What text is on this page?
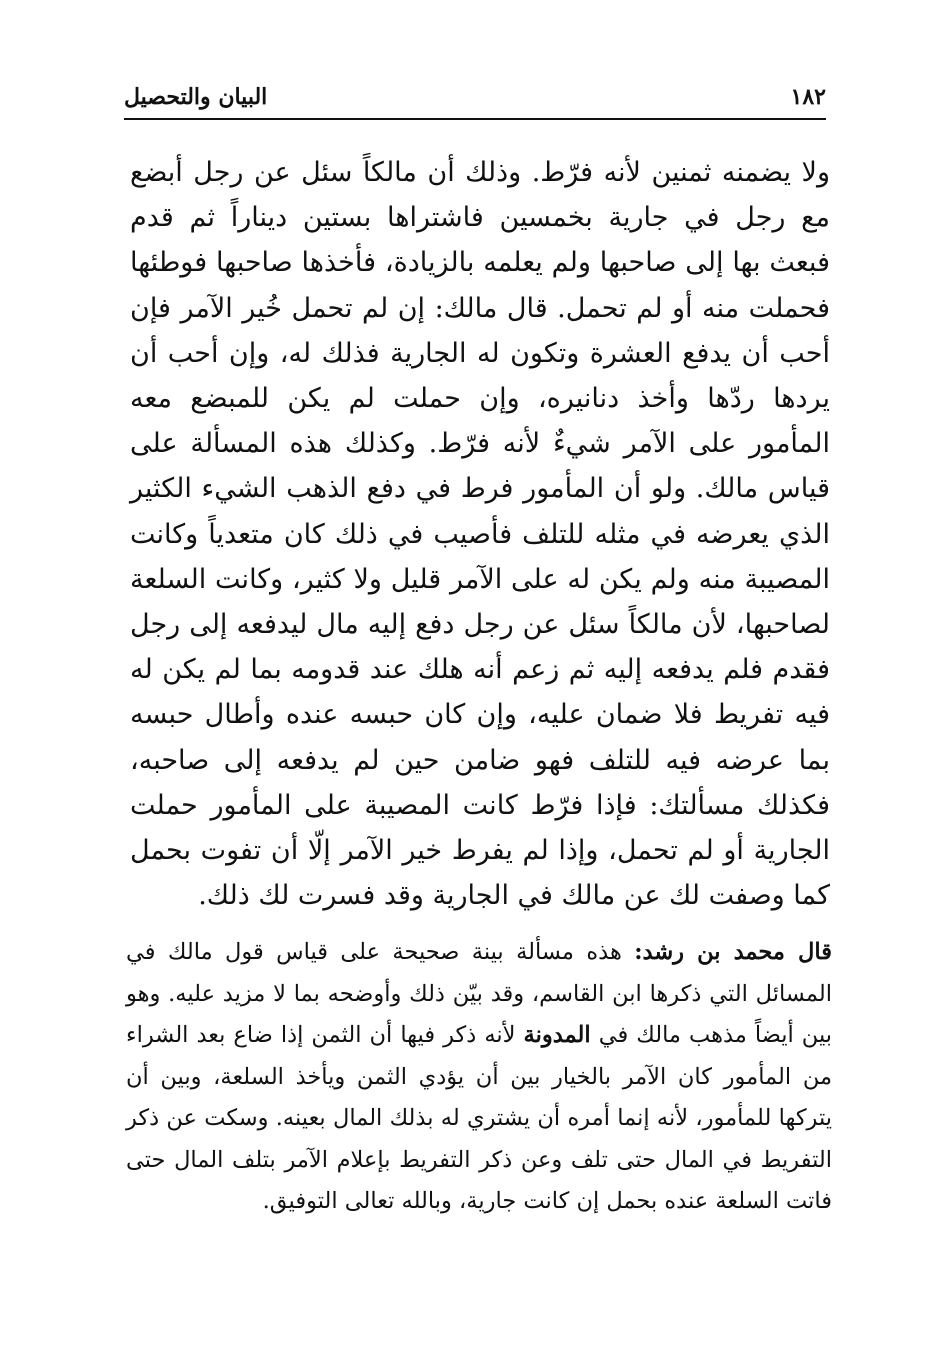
١٨٢
البيان والتحصيل

ولا يضمنه ثمنين لأنه فرّط. وذلك أن مالكاً سئل عن رجل أبضع مع رجل في جارية بخمسين فاشتراها بستين ديناراً ثم قدم فبعث بها إلى صاحبها ولم يعلمه بالزيادة، فأخذها صاحبها فوطئها فحملت منه أو لم تحمل. قال مالك: إن لم تحمل خُير الآمر فإن أحب أن يدفع العشرة وتكون له الجارية فذلك له، وإن أحب أن يردها ردّها وأخذ دنانيره، وإن حملت لم يكن للمبضع معه المأمور على الآمر شيءٌ لأنه فرّط. وكذلك هذه المسألة على قياس مالك. ولو أن المأمور فرط في دفع الذهب الشيء الكثير الذي يعرضه في مثله للتلف فأصيب في ذلك كان متعدياً وكانت المصيبة منه ولم يكن له على الآمر قليل ولا كثير، وكانت السلعة لصاحبها، لأن مالكاً سئل عن رجل دفع إليه مال ليدفعه إلى رجل فقدم فلم يدفعه إليه ثم زعم أنه هلك عند قدومه بما لم يكن له فيه تفريط فلا ضمان عليه، وإن كان حبسه عنده وأطال حبسه بما عرضه فيه للتلف فهو ضامن حين لم يدفعه إلى صاحبه، فكذلك مسألتك: فإذا فرّط كانت المصيبة على المأمور حملت الجارية أو لم تحمل، وإذا لم يفرط خير الآمر إلّا أن تفوت بحمل كما وصفت لك عن مالك في الجارية وقد فسرت لك ذلك.

قال محمد بن رشد: هذه مسألة بينة صحيحة على قياس قول مالك في المسائل التي ذكرها ابن القاسم، وقد بيّن ذلك وأوضحه بما لا مزيد عليه. وهو بين أيضاً مذهب مالك في المدونة لأنه ذكر فيها أن الثمن إذا ضاع بعد الشراء من المأمور كان الآمر بالخيار بين أن يؤدي الثمن ويأخذ السلعة، وبين أن يتركها للمأمور، لأنه إنما أمره أن يشتري له بذلك المال بعينه. وسكت عن ذكر التفريط في المال حتى تلف وعن ذكر التفريط بإعلام الآمر بتلف المال حتى فاتت السلعة عنده بحمل إن كانت جارية، وبالله تعالى التوفيق.
